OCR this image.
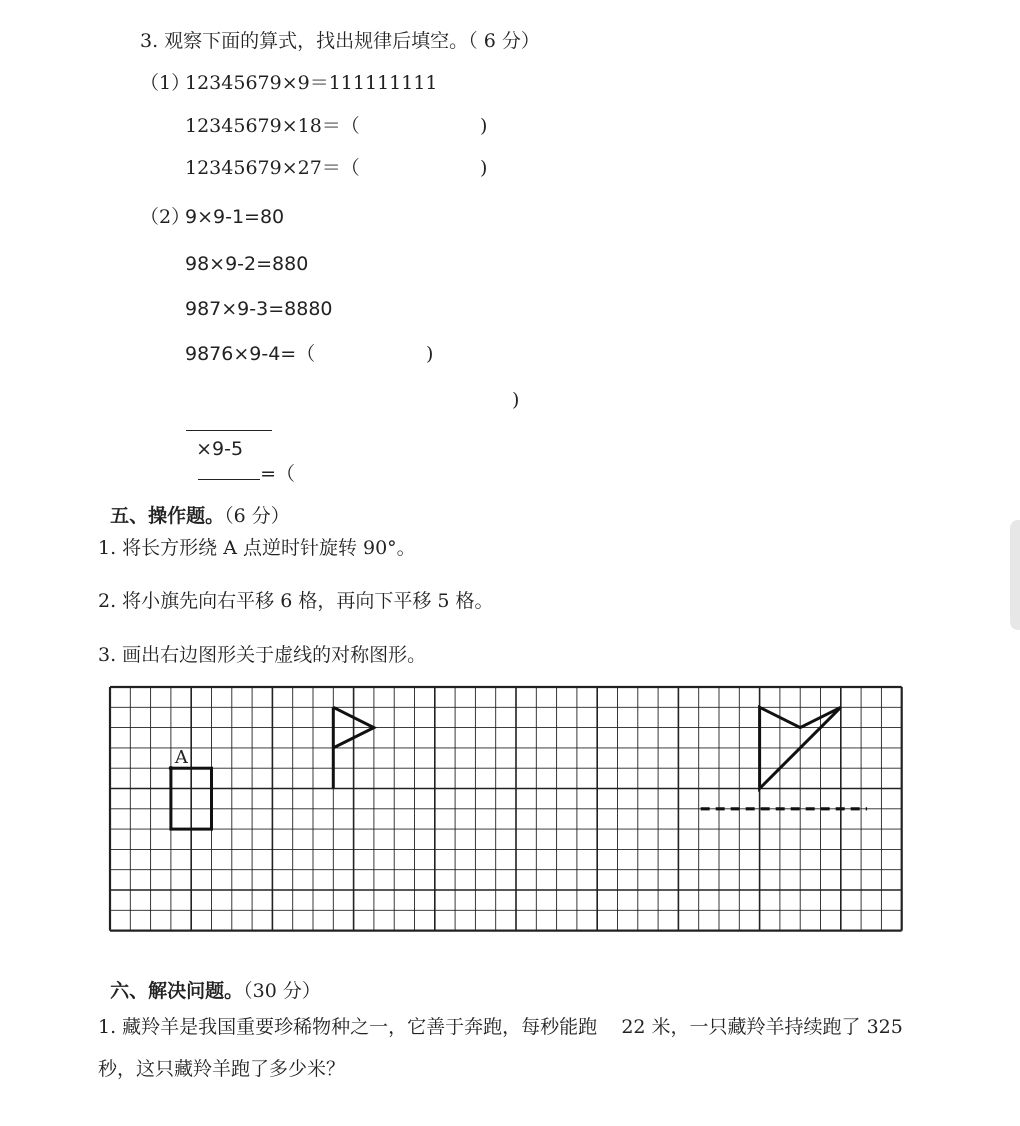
3. 观察下面的算式，找出规律后填空。（ 6 分）
（1）
12345679×9＝111111111
12345679×18＝（	)
12345679×27＝（	)
（2）
9×9-1=80
98×9-2=880
987×9-3=8880
9876×9-4=（	)

×9-5
=（

)

五、操作题。（6 分）

1. 将长方形绕 A 点逆时针旋转 90°。
2. 将小旗先向右平移 6 格，再向下平移 5 格。
3. 画出右边图形关于虚线的对称图形。
A

六、解决问题。（30 分）

1. 藏羚羊是我国重要珍稀物种之一，它善于奔跑，每秒能跑    22 米，一只藏羚羊持续跑了 325
秒，这只藏羚羊跑了多少米？
